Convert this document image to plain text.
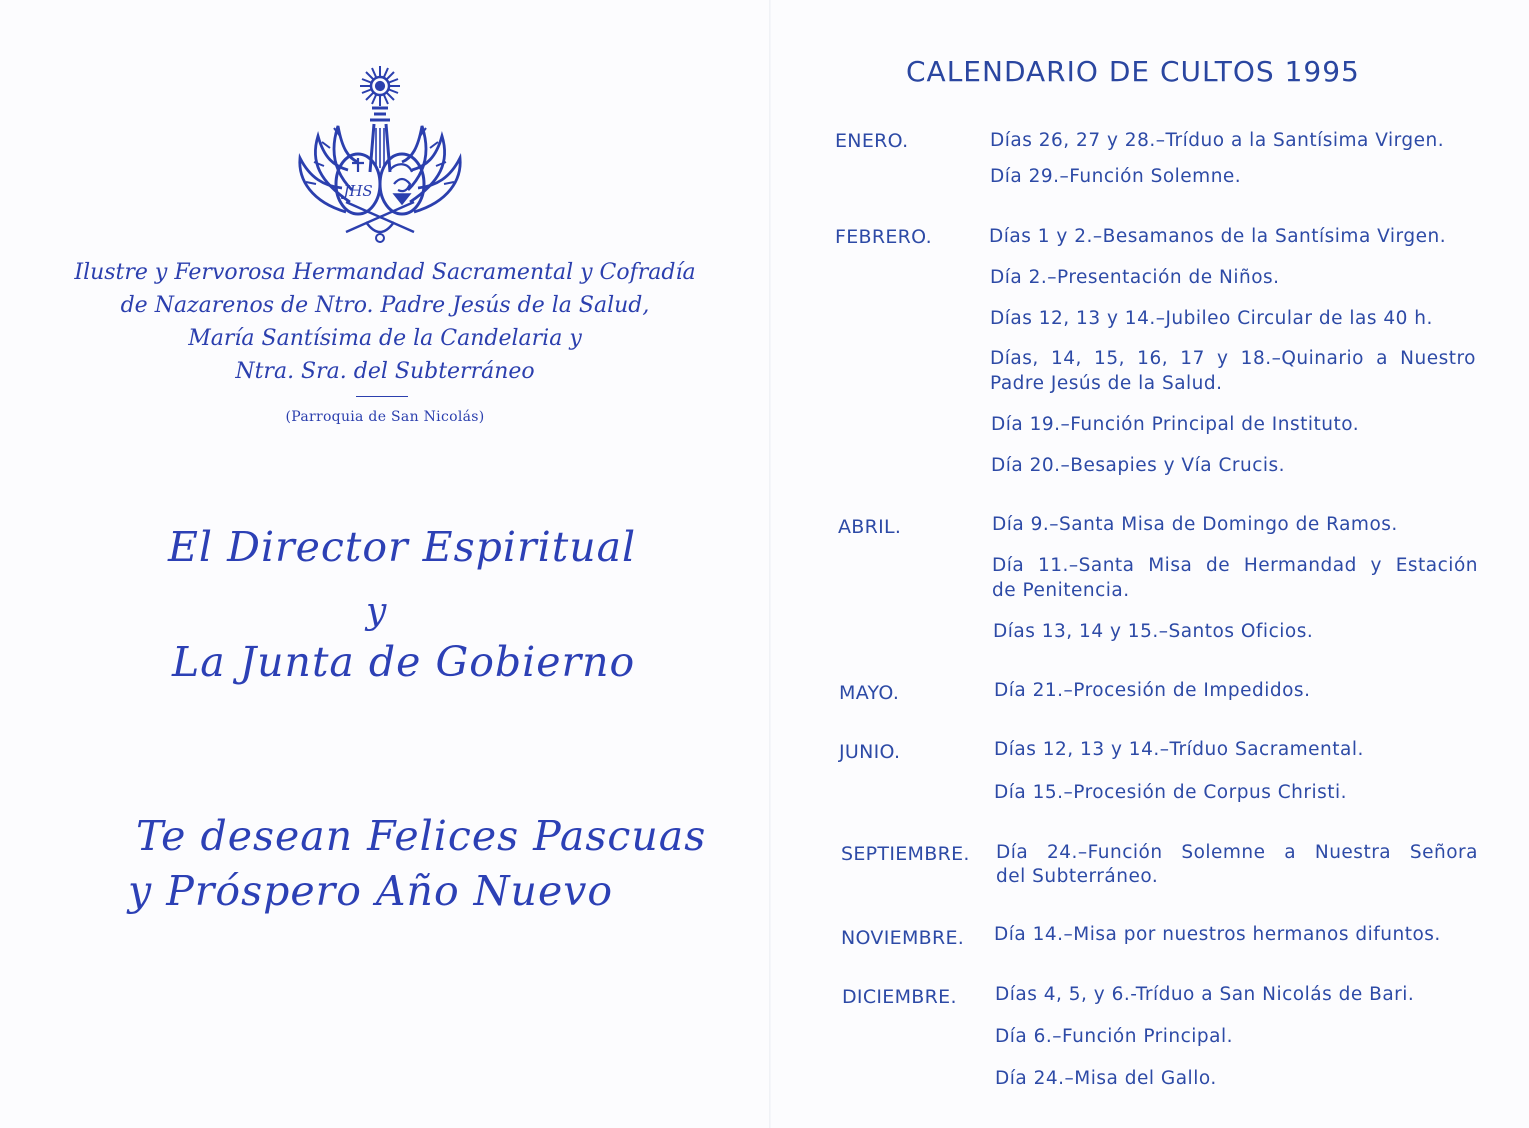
JHS
Ilustre y Fervorosa Hermandad Sacramental y Cofradía
de Nazarenos de Ntro. Padre Jesús de la Salud,
María Santísima de la Candelaria y
Ntra. Sra. del Subterráneo
(Parroquia de San Nicolás)
El Director Espiritual
y
La Junta de Gobierno
Te desean Felices Pascuas
y Próspero Año Nuevo
CALENDARIO DE CULTOS 1995
ENERO.	Días 26, 27 y 28.–Tríduo a la Santísima Virgen.
Día 29.–Función Solemne.
FEBRERO.	Días 1 y 2.–Besamanos de la Santísima Virgen.
Día 2.–Presentación de Niños.
Días 12, 13 y 14.–Jubileo Circular de las 40 h.
Días, 14, 15, 16, 17 y 18.–Quinario a Nuestro
Padre Jesús de la Salud.
Día 19.–Función Principal de Instituto.
Día 20.–Besapies y Vía Crucis.
ABRIL.	Día 9.–Santa Misa de Domingo de Ramos.
Día 11.–Santa Misa de Hermandad y Estación
de Penitencia.
Días 13, 14 y 15.–Santos Oficios.
MAYO.	Día 21.–Procesión de Impedidos.
JUNIO.	Días 12, 13 y 14.–Tríduo Sacramental.
Día 15.–Procesión de Corpus Christi.
SEPTIEMBRE. Día 24.–Función Solemne a Nuestra Señora
del Subterráneo.
NOVIEMBRE. Día 14.–Misa por nuestros hermanos difuntos.
DICIEMBRE. Días 4, 5, y 6.-Tríduo a San Nicolás de Bari.
Día 6.–Función Principal.
Día 24.–Misa del Gallo.
